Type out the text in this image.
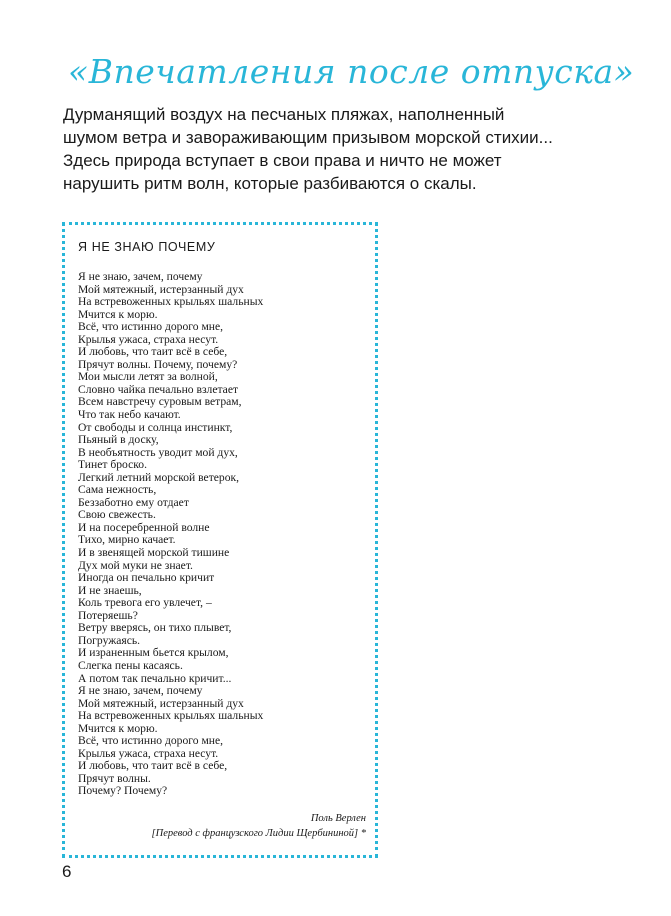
«Впечатления после отпуска»

Дурманящий воздух на песчаных пляжах, наполненный
шумом ветра и завораживающим призывом морской стихии...
Здесь природа вступает в свои права и ничто не может
нарушить ритм волн, которые разбиваются о скалы.

Я НЕ ЗНАЮ ПОЧЕМУ
Я не знаю, зачем, почему
Мой мятежный, истерзанный дух
На встревоженных крыльях шальных
Мчится к морю.
Всё, что истинно дорого мне,
Крылья ужаса, страха несут.
И любовь, что таит всё в себе,
Прячут волны. Почему, почему?
Мои мысли летят за волной,
Словно чайка печально взлетает
Всем навстречу суровым ветрам,
Что так небо качают.
От свободы и солнца инстинкт,
Пьяный в доску,
В необъятность уводит мой дух,
Тинет броско.
Легкий летний морской ветерок,
Сама нежность,
Беззаботно ему отдает
Свою свежесть.
И на посеребренной волне
Тихо, мирно качает.
И в звенящей морской тишине
Дух мой муки не знает.
Иногда он печально кричит
И не знаешь,
Коль тревога его увлечет, –
Потеряешь?
Ветру вверясь, он тихо плывет,
Погружаясь.
И израненным бьется крылом,
Слегка пены касаясь.
А потом так печально кричит...
Я не знаю, зачем, почему
Мой мятежный, истерзанный дух
На встревоженных крыльях шальных
Мчится к морю.
Всё, что истинно дорого мне,
Крылья ужаса, страха несут.
И любовь, что таит всё в себе,
Прячут волны.
Почему? Почему?
Поль Верлен
[Перевод с французского Лидии Щербининой] *
6
